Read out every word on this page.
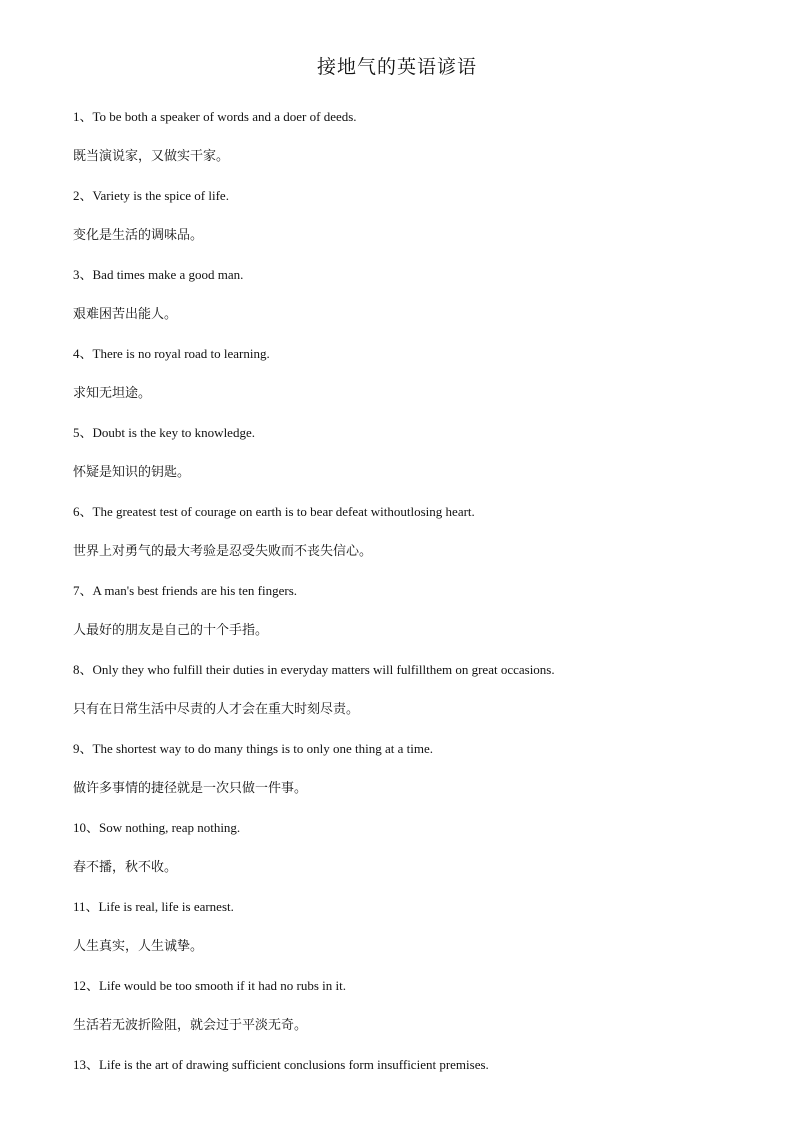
接地气的英语谚语
1、To be both a speaker of words and a doer of deeds.
既当演说家，又做实干家。
2、Variety is the spice of life.
变化是生活的调味品。
3、Bad times make a good man.
艰难困苦出能人。
4、There is no royal road to learning.
求知无坦途。
5、Doubt is the key to knowledge.
怀疑是知识的钥匙。
6、The greatest test of courage on earth is to bear defeat withoutlosing heart.
世界上对勇气的最大考验是忍受失败而不丧失信心。
7、A man's best friends are his ten fingers.
人最好的朋友是自己的十个手指。
8、Only they who fulfill their duties in everyday matters will fulfillthem on great occasions.
只有在日常生活中尽责的人才会在重大时刻尽责。
9、The shortest way to do many things is to only one thing at a time.
做许多事情的捷径就是一次只做一件事。
10、Sow nothing, reap nothing.
春不播，秋不收。
11、Life is real, life is earnest.
人生真实，人生诚挚。
12、Life would be too smooth if it had no rubs in it.
生活若无波折险阻，就会过于平淡无奇。
13、Life is the art of drawing sufficient conclusions form insufficient premises.
